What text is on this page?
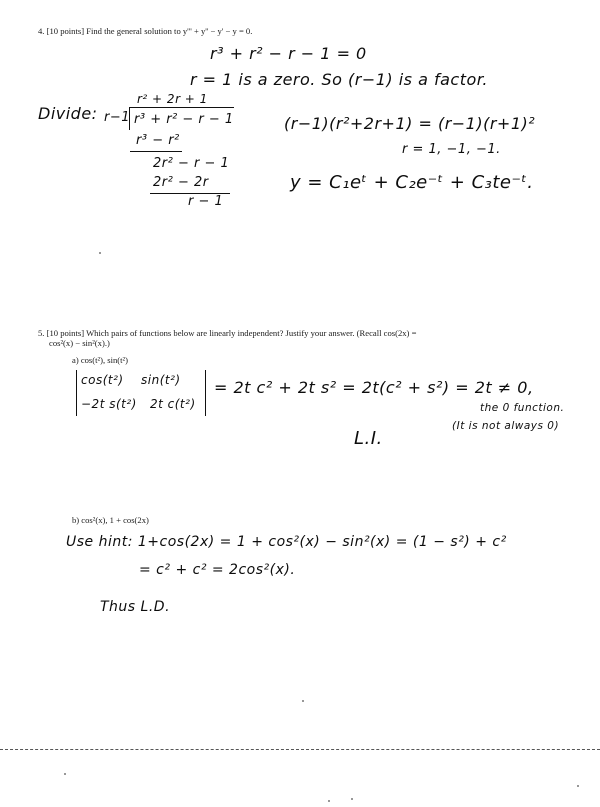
4. [10 points] Find the general solution to y''' + y'' − y' − y = 0.
r³ + r² − r − 1 = 0
r = 1 is a zero. So (r−1) is a factor.
Divide: r−1
r² + 2r + 1
r³ + r² − r − 1
r³ − r²
2r² − r − 1
2r² − 2r
r − 1
(r−1)(r²+2r+1) = (r−1)(r+1)²
r = 1, −1, −1.
y = C₁eᵗ + C₂e⁻ᵗ + C₃te⁻ᵗ.
5. [10 points] Which pairs of functions below are linearly independent? Justify your answer. (Recall cos(2x) =
cos²(x) − sin²(x).)
a) cos(t²), sin(t²)
cos(t²) sin(t²)
−2t s(t²) 2t c(t²)
= 2t c² + 2t s² = 2t(c² + s²) = 2t ≠ 0,
the 0 function.
(It is not always 0)
L.I.
b) cos²(x), 1 + cos(2x)
Use hint: 1+cos(2x) = 1 + cos²(x) − sin²(x) = (1 − s²) + c²
= c² + c² = 2cos²(x).
Thus L.D.
